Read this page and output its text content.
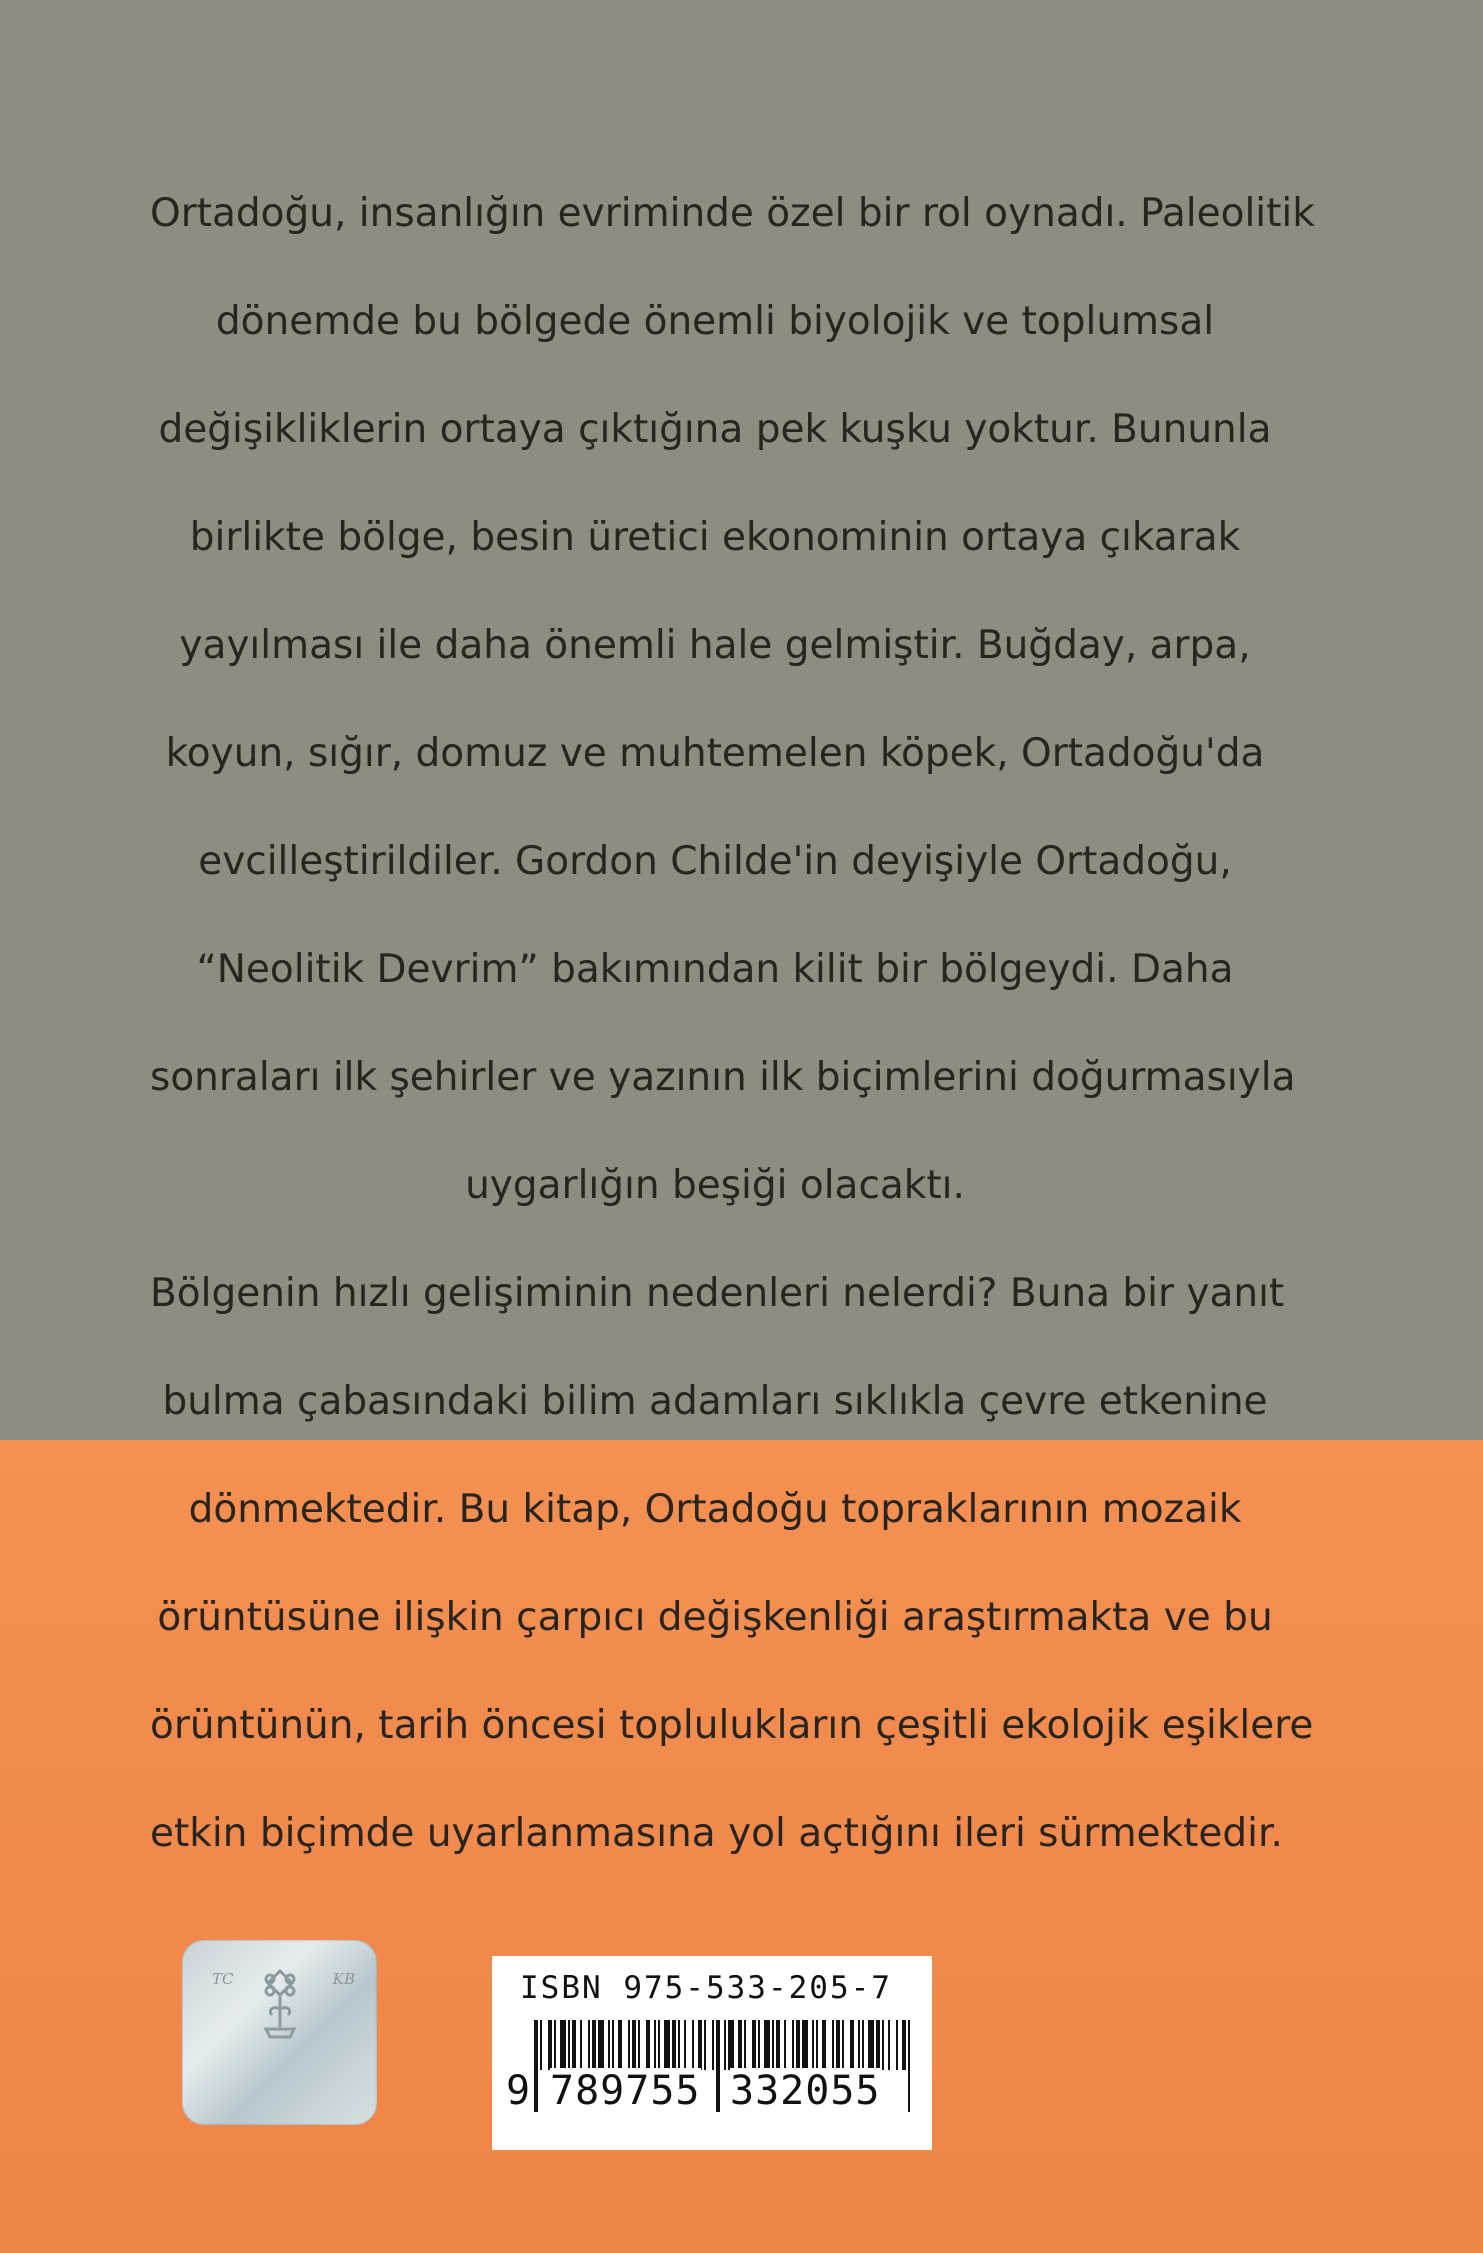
Ortadoğu, insanlığın evriminde özel bir rol oynadı. Paleolitik
dönemde bu bölgede önemli biyolojik ve toplumsal
değişikliklerin ortaya çıktığına pek kuşku yoktur. Bununla
birlikte bölge, besin üretici ekonominin ortaya çıkarak
yayılması ile daha önemli hale gelmiştir. Buğday, arpa,
koyun, sığır, domuz ve muhtemelen köpek, Ortadoğu'da
evcilleştirildiler. Gordon Childe'in deyişiyle Ortadoğu,
“Neolitik Devrim” bakımından kilit bir bölgeydi. Daha
sonraları ilk şehirler ve yazının ilk biçimlerini doğurmasıyla
uygarlığın beşiği olacaktı.
Bölgenin hızlı gelişiminin nedenleri nelerdi? Buna bir yanıt
bulma çabasındaki bilim adamları sıklıkla çevre etkenine
dönmektedir. Bu kitap, Ortadoğu topraklarının mozaik
örüntüsüne ilişkin çarpıcı değişkenliği araştırmakta ve bu
örüntünün, tarih öncesi toplulukların çeşitli ekolojik eşiklere
etkin biçimde uyarlanmasına yol açtığını ileri sürmektedir.
TC	KB	ISBN 975-533-205-7
9 789755 332055
